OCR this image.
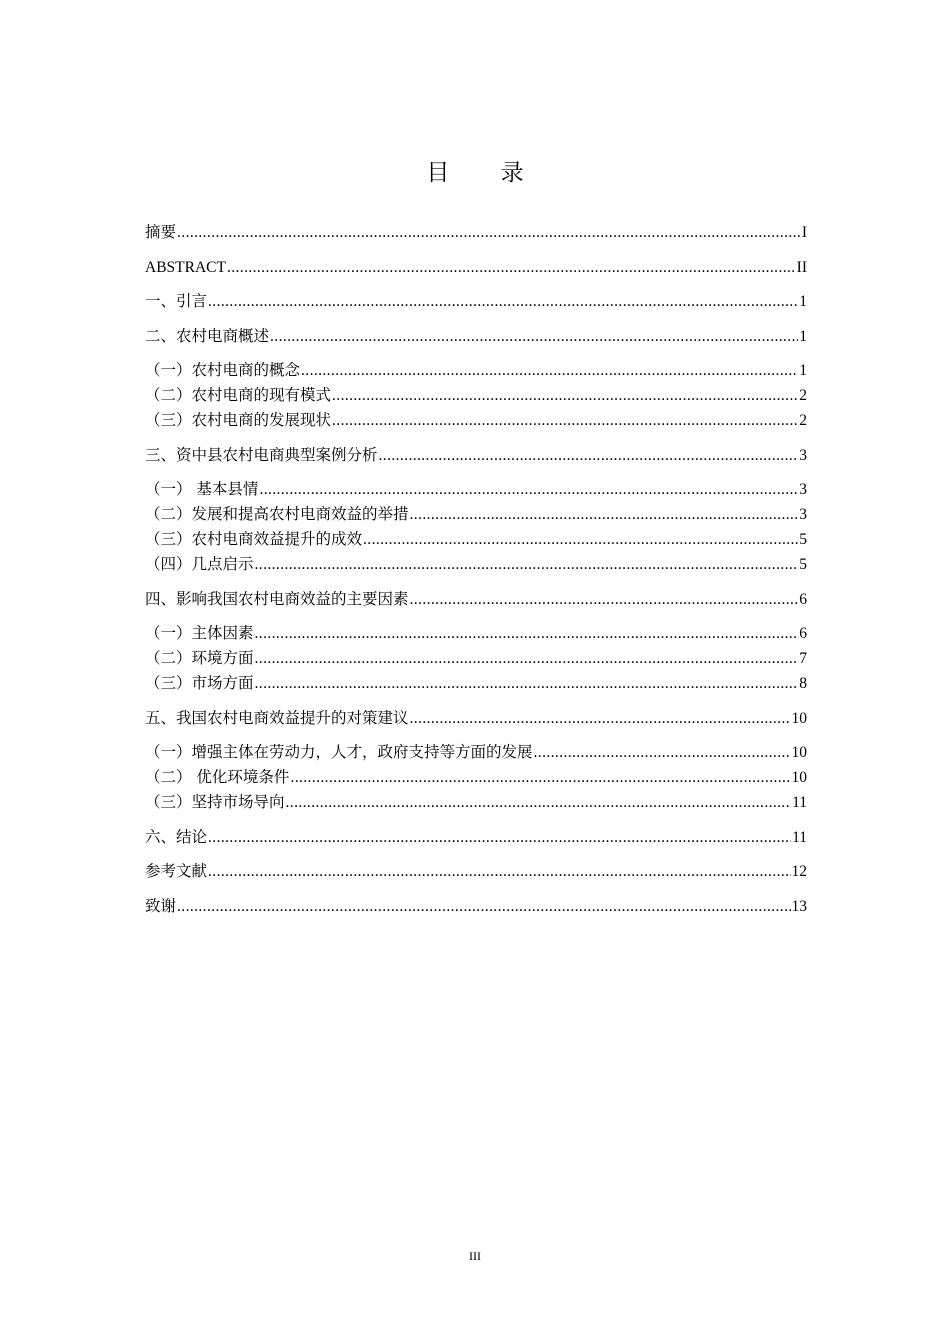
目 录
摘要 .....	I
ABSTRACT .....	II
一、引言 .....	1
二、农村电商概述 .....	1
（一）农村电商的概念 .....	1
（二）农村电商的现有模式 .....	2
（三）农村电商的发展现状 .....	2
三、资中县农村电商典型案例分析 .....	3
（一） 基本县情 .....	3
（二）发展和提高农村电商效益的举措 .....	3
（三）农村电商效益提升的成效 .....	5
（四）几点启示 .....	5
四、影响我国农村电商效益的主要因素 .....	6
（一）主体因素 .....	6
（二）环境方面 .....	7
（三）市场方面 .....	8
五、我国农村电商效益提升的对策建议 .....	10
（一）增强主体在劳动力，人才，政府支持等方面的发展 .....	10
（二） 优化环境条件 .....	10
（三）坚持市场导向 .....	11
六、结论 .....	11
参考文献 .....	12
致谢 .....	13
III
